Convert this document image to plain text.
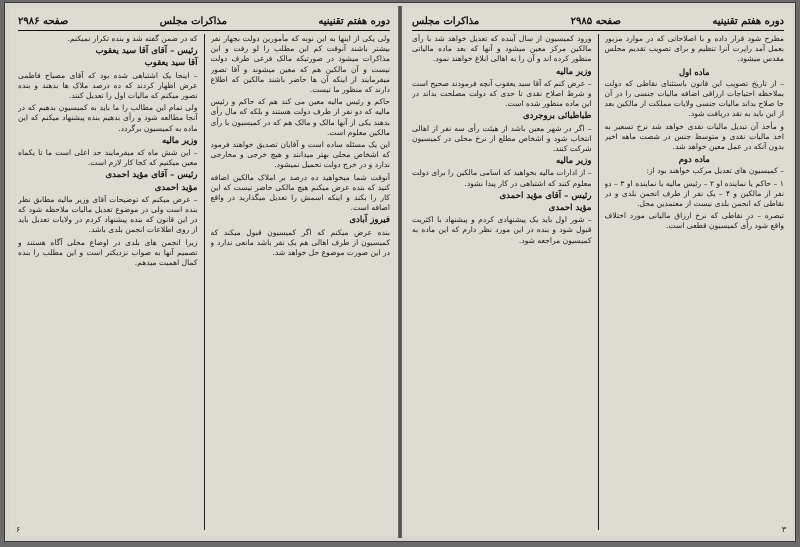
دوره هفتم تقنینیه
مذاکرات مجلس
صفحه ۲۹۸۶

ولی یکی از اینها به این نوبه که مأمورین دولت بجهار نفر بیشتر باشند آنوقت کم این مطلب را لو رفت و این مذاکرات میشود در صورتیکه مالک فرعی طرف دولت نیست و آن مالکین هم که معین میشوند و آقا تصور میفرمایند از اینکه آن ها حاضر باشند مالکین که اطلاع دارند که منظور ما نیست.

حاکم و رئیس مالیه معین می کند هم که حاکم و رئیس مالیه که دو نفر از طرف دولت هستند و بلکه که مال رأی بدهند یکی از آنها مالک و مالک هم که در کمیسیون با رأی مالکین معلوم است.

این یک مسئله ساده است و آقایان تصدیق خواهند فرمود که اشخاص محلی بهتر میدانند و هیچ خرجی و مخارجی ندارد و در خرج دولت تحمیل نمیشود.

آنوقت شما میخواهید ده درصد بر املاک مالکین اضافه کنید که بنده عرض میکنم هیچ مالکی حاضر نیست که این کار را بکند و اینکه اسمش را تعدیل میگذارید در واقع اضافه است.

فیروز آبادی

بنده عرض میکنم که اگر کمیسیون قبول میکند که کمیسیون از طرف اهالی هم یک نفر باشد مانعی ندارد و در این صورت موضوع حل خواهد شد.

که در ضمن گفته شد و بنده تکرار نمیکنم.

رئیس – آقای آقا سید یعقوب

آقا سید یعقوب

– اینجا یک اشتباهی شده بود که آقای مصباح فاطمی عرض اظهار کردند که ده درصد ملاک ها بدهند و بنده تصور میکنم که مالیات اول را تعدیل کنند.

ولی تمام این مطالب را ما باید به کمیسیون بدهیم که در آنجا مطالعه شود و رأی بدهیم بنده پیشنهاد میکنم که این ماده به کمیسیون برگردد.

وزیر مالیه

– این شش ماه که میفرمایند حد اعلی است ما تا یکماه معین میکنیم که کجا کار لازم است.

رئیس – آقای مؤید احمدی

مؤید احمدی

– عرض میکنم که توضیحات آقای وزیر مالیه مطابق نظر بنده است ولی در موضوع تعدیل مالیات ملاحظه شود که در این قانون که بنده پیشنهاد کردم در ولایات تعدیل باید از روی اطلاعات انجمن بلدی باشد.

زیرا انجمن های بلدی در اوضاع محلی آگاه هستند و تصمیم آنها به صواب نزدیکتر است و این مطلب را بنده کمال اهمیت میدهم.

۶
دوره هفتم تقنینیه
صفحه ۲۹۸۵
مذاکرات مجلس

مطرح شود قرار داده و با اصلاحاتی که در موارد مزبور بعمل آمد راپرت آنرا تنظیم و برای تصویب تقدیم مجلس مقدس میشود.

ماده اول

– از تاریخ تصویب این قانون باستثنای نقاطی که دولت بملاحظه احتیاجات ارزاقی اضافه مالیات جنسی را در آن جا صلاح بداند مالیات جنسی ولایات مملکت از مالکین بعد از این باید به نقد دریافت شود.

و مأخذ آن تبدیل مالیات نقدی خواهد شد نرخ تسعیر به اخذ مالیات نقدی و متوسط جنس در شصت ماهه اخیر بدون آنکه در عمل معین خواهد شد.

ماده دوم

– کمیسیون های تعدیل مرکب خواهند بود از:

۱ – حاکم یا نماینده او ۲ – رئیس مالیه یا نماینده او ۳ – دو نفر از مالکین و ۴ – یک نفر از طرف انجمن بلدی و در نقاطی که انجمن بلدی نیست از معتمدین محل.

تبصره – در نقاطی که نرخ ارزاق مالیاتی مورد اختلاف واقع شود رأی کمیسیون قطعی است.

ورود کمیسیون از سال آینده که تعدیل خواهد شد با رأی مالکین مرکز معین میشود و آنها که بعد ماده مالیاتی منظور کرده اند و آن را به اهالی ابلاغ خواهند نمود.

وزیر مالیه

– عرض کنم که آقا سید یعقوب آنچه فرمودند صحیح است و شرط اصلاح نقدی تا حدی که دولت مصلحت بداند در این ماده منظور شده است.

طباطبائی بروجردی

– اگر در شهر معین باشد از هیئت رأی سه نفر از اهالی انتخاب شود و اشخاص مطلع از نرخ محلی در کمیسیون شرکت کنند.

وزیر مالیه

– از ادارات مالیه بخواهید که اسامی مالکین را برای دولت معلوم کنند که اشتباهی در کار پیدا نشود.

رئیس – آقای مؤید احمدی

مؤید احمدی

– شور اول باید یک پیشنهادی کردم و پیشنهاد با اکثریت قبول شود و بنده در این مورد نظر دارم که این ماده به کمیسیون مراجعه شود.

۳
